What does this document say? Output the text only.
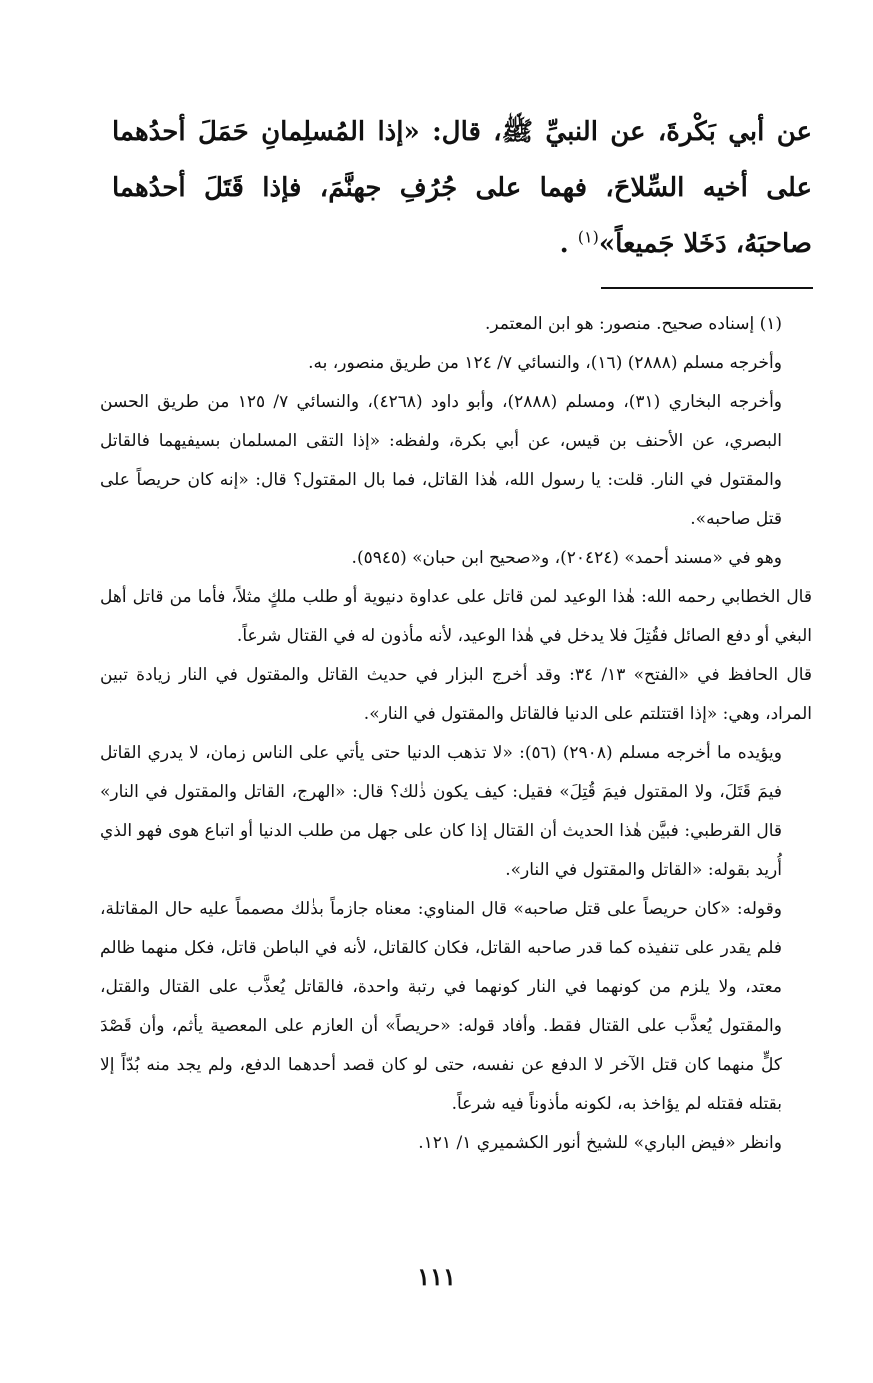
عن أبي بَكْرةَ، عن النبيِّ ﷺ، قال: «إذا المُسلِمانِ حَمَلَ أحدُهما على أخيه السِّلاحَ، فهما على جُرُفِ جهنَّمَ، فإذا قَتَلَ أحدُهما صاحبَهُ، دَخَلا جَميعاً»$^{(١)}$ .

(١) إسناده صحيح. منصور: هو ابن المعتمر.

وأخرجه مسلم (٢٨٨٨) (١٦)، والنسائي ٧/ ١٢٤ من طريق منصور، به.

وأخرجه البخاري (٣١)، ومسلم (٢٨٨٨)، وأبو داود (٤٢٦٨)، والنسائي ٧/ ١٢٥ من طريق الحسن البصري، عن الأحنف بن قيس، عن أبي بكرة، ولفظه: «إذا التقى المسلمان بسيفيهما فالقاتل والمقتول في النار. قلت: يا رسول الله، هٰذا القاتل، فما بال المقتول؟ قال: «إنه كان حريصاً على قتل صاحبه».

وهو في «مسند أحمد» (٢٠٤٢٤)، و«صحيح ابن حبان» (٥٩٤٥).

قال الخطابي رحمه الله: هٰذا الوعيد لمن قاتل على عداوة دنيوية أو طلب ملكٍ مثلاً، فأما من قاتل أهل البغي أو دفع الصائل فقُتِلَ فلا يدخل في هٰذا الوعيد، لأنه مأذون له في القتال شرعاً.

قال الحافظ في «الفتح» ١٣/ ٣٤: وقد أخرج البزار في حديث القاتل والمقتول في النار زيادة تبين المراد، وهي: «إذا اقتتلتم على الدنيا فالقاتل والمقتول في النار».

ويؤيده ما أخرجه مسلم (٢٩٠٨) (٥٦): «لا تذهب الدنيا حتى يأتي على الناس زمان، لا يدري القاتل فيمَ قَتَلَ، ولا المقتول فيمَ قُتِلَ» فقيل: كيف يكون ذٰلك؟ قال: «الهرج، القاتل والمقتول في النار» قال القرطبي: فبيَّن هٰذا الحديث أن القتال إذا كان على جهل من طلب الدنيا أو اتباع هوى فهو الذي أُريد بقوله: «القاتل والمقتول في النار».

وقوله: «كان حريصاً على قتل صاحبه» قال المناوي: معناه جازماً بذٰلك مصمماً عليه حال المقاتلة، فلم يقدر على تنفيذه كما قدر صاحبه القاتل، فكان كالقاتل، لأنه في الباطن قاتل، فكل منهما ظالم معتد، ولا يلزم من كونهما في النار كونهما في رتبة واحدة، فالقاتل يُعذَّب على القتال والقتل، والمقتول يُعذَّب على القتال فقط. وأفاد قوله: «حريصاً» أن العازم على المعصية يأثم، وأن قَصْدَ كلٍّ منهما كان قتل الآخر لا الدفع عن نفسه، حتى لو كان قصد أحدهما الدفع، ولم يجد منه بُدّاً إلا بقتله فقتله لم يؤاخذ به، لكونه مأذوناً فيه شرعاً.

وانظر «فيض الباري» للشيخ أنور الكشميري ١/ ١٢١.

١١١
